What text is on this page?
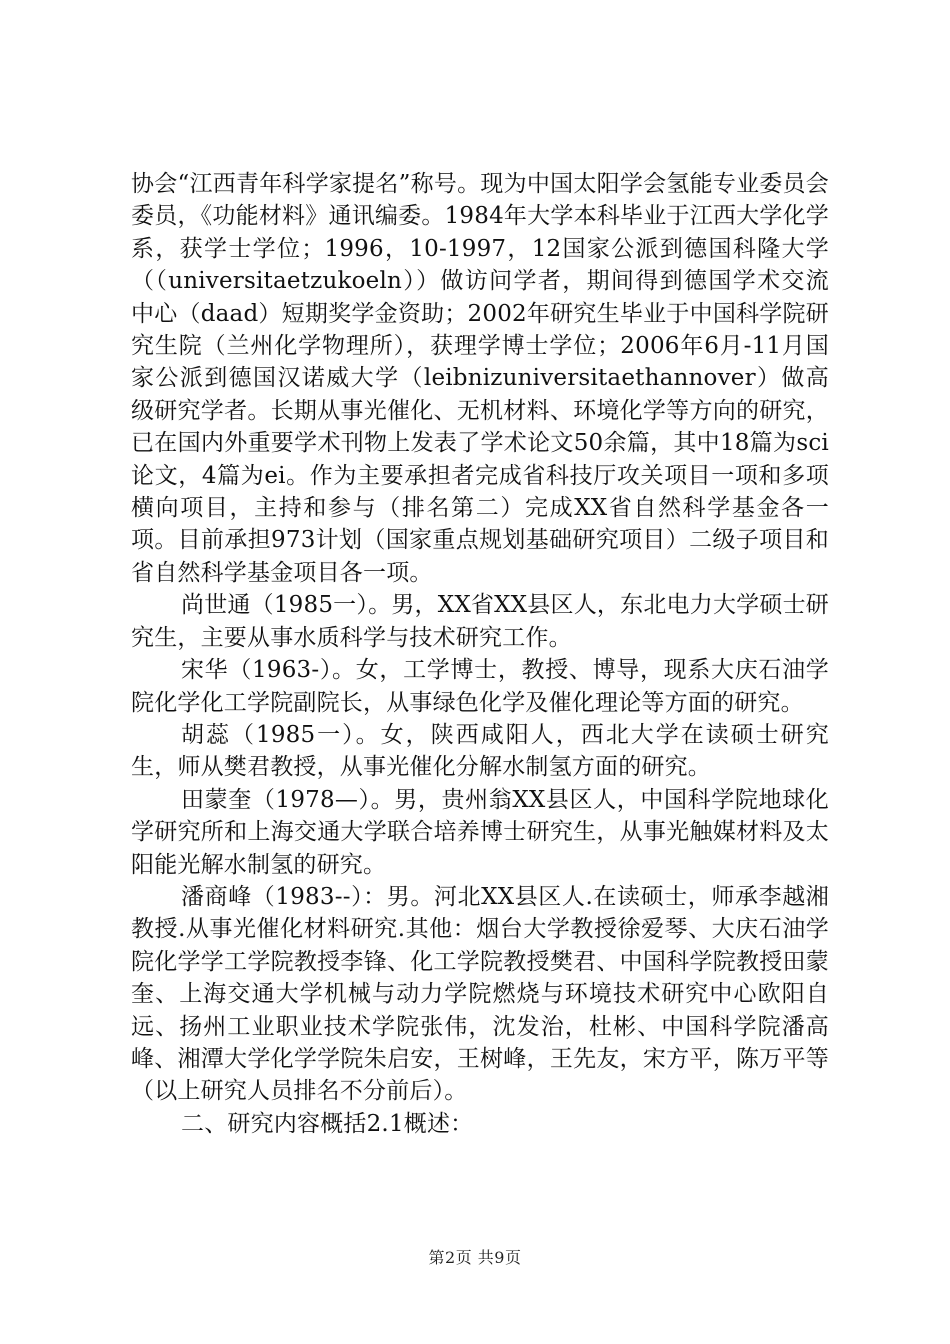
协会“江西青年科学家提名”称号。现为中国太阳学会氢能专业委员会委员，《功能材料》通讯编委。1984年大学本科毕业于江西大学化学系，获学士学位；1996，10-1997，12国家公派到德国科隆大学（（universitaetzukoeln））做访问学者，期间得到德国学术交流中心（daad）短期奖学金资助；2002年研究生毕业于中国科学院研究生院（兰州化学物理所），获理学博士学位；2006年6月-11月国家公派到德国汉诺威大学（leibnizuniversitaethannover）做高级研究学者。长期从事光催化、无机材料、环境化学等方向的研究，已在国内外重要学术刊物上发表了学术论文50余篇，其中18篇为sci论文，4篇为ei。作为主要承担者完成省科技厅攻关项目一项和多项横向项目，主持和参与（排名第二）完成XX省自然科学基金各一项。目前承担973计划（国家重点规划基础研究项目）二级子项目和省自然科学基金项目各一项。

尚世通（1985一）。男，XX省XX县区人，东北电力大学硕士研究生，主要从事水质科学与技术研究工作。

宋华（1963-）。女，工学博士，教授、博导，现系大庆石油学院化学化工学院副院长，从事绿色化学及催化理论等方面的研究。

胡蕊（1985一）。女，陕西咸阳人，西北大学在读硕士研究生，师从樊君教授，从事光催化分解水制氢方面的研究。

田蒙奎（1978—）。男，贵州翁XX县区人，中国科学院地球化学研究所和上海交通大学联合培养博士研究生，从事光触媒材料及太阳能光解水制氢的研究。

潘商峰（1983--）：男。河北XX县区人.在读硕士，师承李越湘教授.从事光催化材料研究.其他：烟台大学教授徐爱琴、大庆石油学院化学学工学院教授李锋、化工学院教授樊君、中国科学院教授田蒙奎、上海交通大学机械与动力学院燃烧与环境技术研究中心欧阳自远、扬州工业职业技术学院张伟，沈发治，杜彬、中国科学院潘高峰、湘潭大学化学学院朱启安，王树峰，王先友，宋方平，陈万平等（以上研究人员排名不分前后）。

二、研究内容概括2.1概述：

第2页 共9页
